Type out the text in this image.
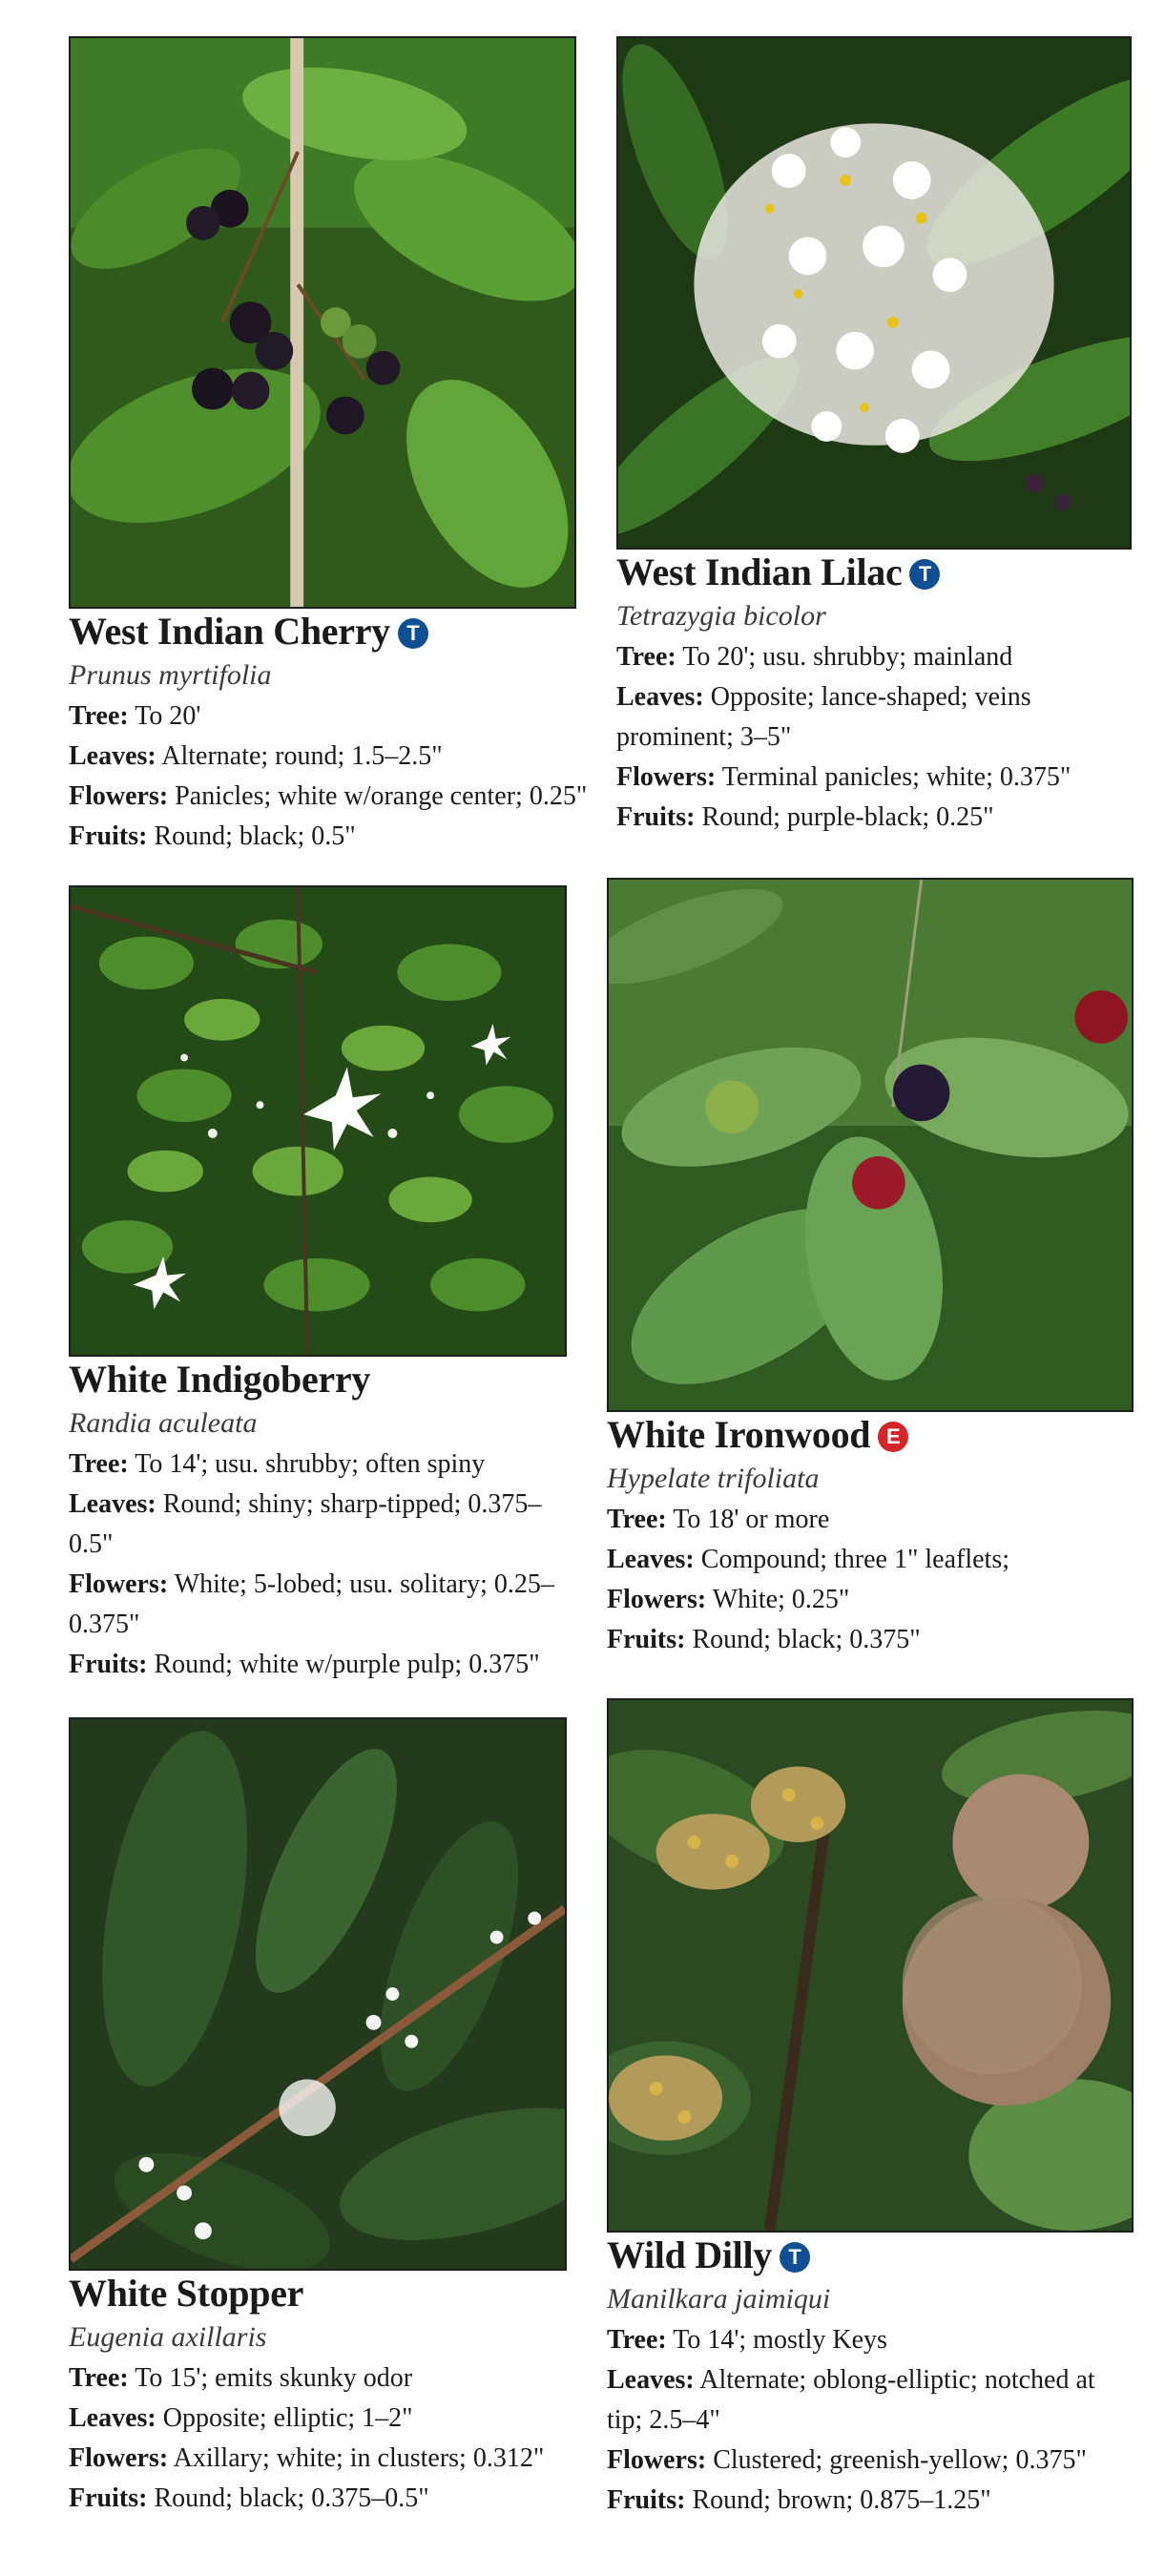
West Indian Cherry T
Prunus myrtifolia
Tree: To 20'
Leaves: Alternate; round; 1.5–2.5"
Flowers: Panicles; white w/orange center; 0.25"
Fruits: Round; black; 0.5"
West Indian Lilac T
Tetrazygia bicolor
Tree: To 20'; usu. shrubby; mainland
Leaves: Opposite; lance-shaped; veins prominent; 3–5"
Flowers: Terminal panicles; white; 0.375"
Fruits: Round; purple-black; 0.25"
White Indigoberry
Randia aculeata
Tree: To 14'; usu. shrubby; often spiny
Leaves: Round; shiny; sharp-tipped; 0.375–0.5"
Flowers: White; 5-lobed; usu. solitary; 0.25–0.375"
Fruits: Round; white w/purple pulp; 0.375"
White Ironwood E
Hypelate trifoliata
Tree: To 18' or more
Leaves: Compound; three 1" leaflets;
Flowers: White; 0.25"
Fruits: Round; black; 0.375"
White Stopper
Eugenia axillaris
Tree: To 15'; emits skunky odor
Leaves: Opposite; elliptic; 1–2"
Flowers: Axillary; white; in clusters; 0.312"
Fruits: Round; black; 0.375–0.5"
Wild Dilly T
Manilkara jaimiqui
Tree: To 14'; mostly Keys
Leaves: Alternate; oblong-elliptic; notched at tip; 2.5–4"
Flowers: Clustered; greenish-yellow; 0.375"
Fruits: Round; brown; 0.875–1.25"
